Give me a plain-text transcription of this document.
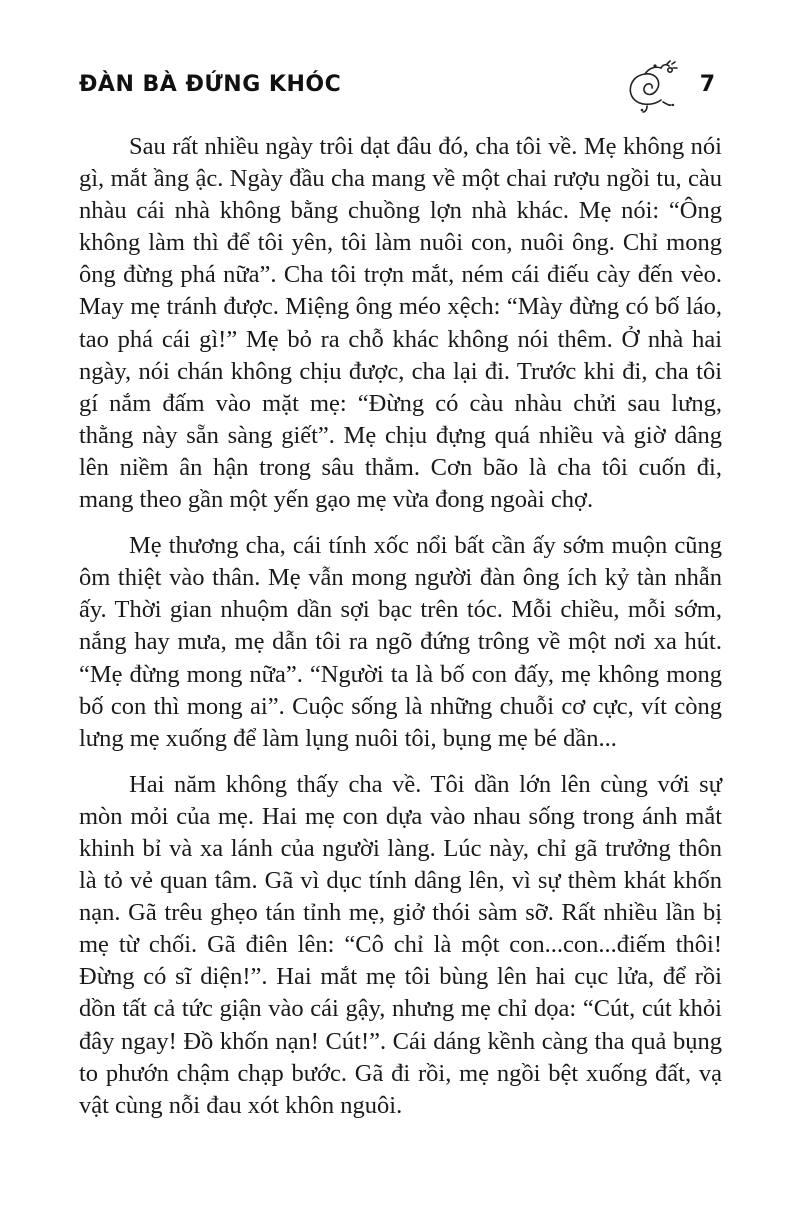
ĐÀN BÀ ĐỨNG KHÓC	7

Sau rất nhiều ngày trôi dạt đâu đó, cha tôi về. Mẹ không nói gì, mắt ầng ậc. Ngày đầu cha mang về một chai rượu ngồi tu, càu nhàu cái nhà không bằng chuồng lợn nhà khác. Mẹ nói: “Ông không làm thì để tôi yên, tôi làm nuôi con, nuôi ông. Chỉ mong ông đừng phá nữa”. Cha tôi trợn mắt, ném cái điếu cày đến vèo. May mẹ tránh được. Miệng ông méo xệch: “Mày đừng có bố láo, tao phá cái gì!” Mẹ bỏ ra chỗ khác không nói thêm. Ở nhà hai ngày, nói chán không chịu được, cha lại đi. Trước khi đi, cha tôi gí nắm đấm vào mặt mẹ: “Đừng có càu nhàu chửi sau lưng, thằng này sẵn sàng giết”. Mẹ chịu đựng quá nhiều và giờ dâng lên niềm ân hận trong sâu thẳm. Cơn bão là cha tôi cuốn đi, mang theo gần một yến gạo mẹ vừa đong ngoài chợ.

Mẹ thương cha, cái tính xốc nổi bất cần ấy sớm muộn cũng ôm thiệt vào thân. Mẹ vẫn mong người đàn ông ích kỷ tàn nhẫn ấy. Thời gian nhuộm dần sợi bạc trên tóc. Mỗi chiều, mỗi sớm, nắng hay mưa, mẹ dẫn tôi ra ngõ đứng trông về một nơi xa hút. “Mẹ đừng mong nữa”. “Người ta là bố con đấy, mẹ không mong bố con thì mong ai”. Cuộc sống là những chuỗi cơ cực, vít còng lưng mẹ xuống để làm lụng nuôi tôi, bụng mẹ bé dần...

Hai năm không thấy cha về. Tôi dần lớn lên cùng với sự mòn mỏi của mẹ. Hai mẹ con dựa vào nhau sống trong ánh mắt khinh bỉ và xa lánh của người làng. Lúc này, chỉ gã trưởng thôn là tỏ vẻ quan tâm. Gã vì dục tính dâng lên, vì sự thèm khát khốn nạn. Gã trêu ghẹo tán tỉnh mẹ, giở thói sàm sỡ. Rất nhiều lần bị mẹ từ chối. Gã điên lên: “Cô chỉ là một con...con...điếm thôi! Đừng có sĩ diện!”. Hai mắt mẹ tôi bùng lên hai cục lửa, để rồi dồn tất cả tức giận vào cái gậy, nhưng mẹ chỉ dọa: “Cút, cút khỏi đây ngay! Đồ khốn nạn! Cút!”. Cái dáng kềnh càng tha quả bụng to phướn chậm chạp bước. Gã đi rồi, mẹ ngồi bệt xuống đất, vạ vật cùng nỗi đau xót khôn nguôi.
